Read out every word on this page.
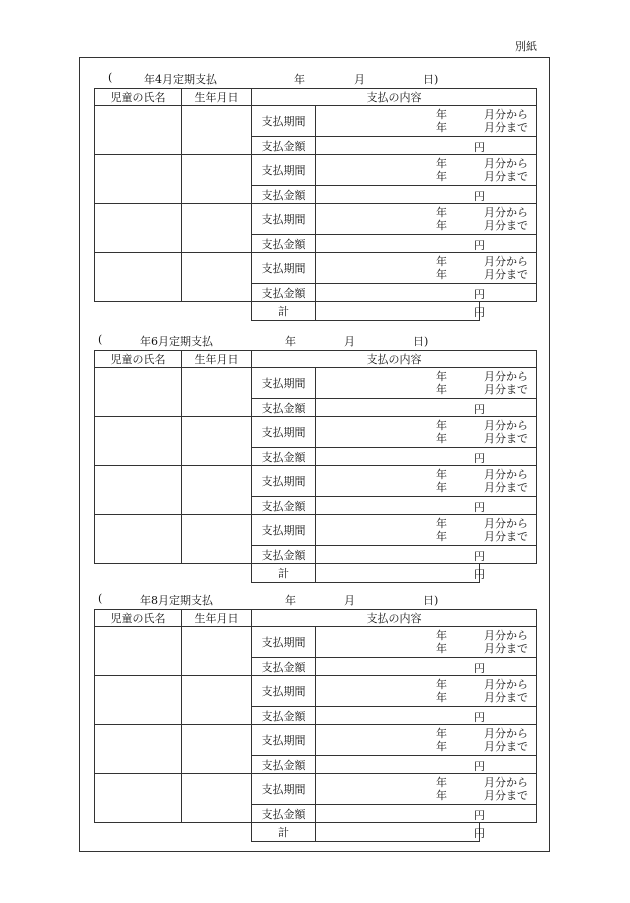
別紙
(	年4月定期支払	年	月	日)
児童の氏名	生年月日	支払の内容		
		支払期間	年 月分から
年 月分まで	

		支払金額	円	

		支払期間	年 月分から
年 月分まで	

		支払金額	円	

		支払期間	年 月分から
年 月分まで	

		支払金額	円	

		支払期間	年 月分から
年 月分まで	

		支払金額	円	

		計	円	

(	年6月定期支払	年	月	日)
児童の氏名	生年月日	支払の内容		
		支払期間	年 月分から
年 月分まで	

		支払金額	円	

		支払期間	年 月分から
年 月分まで	

		支払金額	円	

		支払期間	年 月分から
年 月分まで	

		支払金額	円	

		支払期間	年 月分から
年 月分まで	

		支払金額	円	

		計	円	

(	年8月定期支払	年	月	日)
児童の氏名	生年月日	支払の内容		
		支払期間	年 月分から
年 月分まで	

		支払金額	円	

		支払期間	年 月分から
年 月分まで	

		支払金額	円	

		支払期間	年 月分から
年 月分まで	

		支払金額	円	

		支払期間	年 月分から
年 月分まで	

		支払金額	円	

		計	円	
